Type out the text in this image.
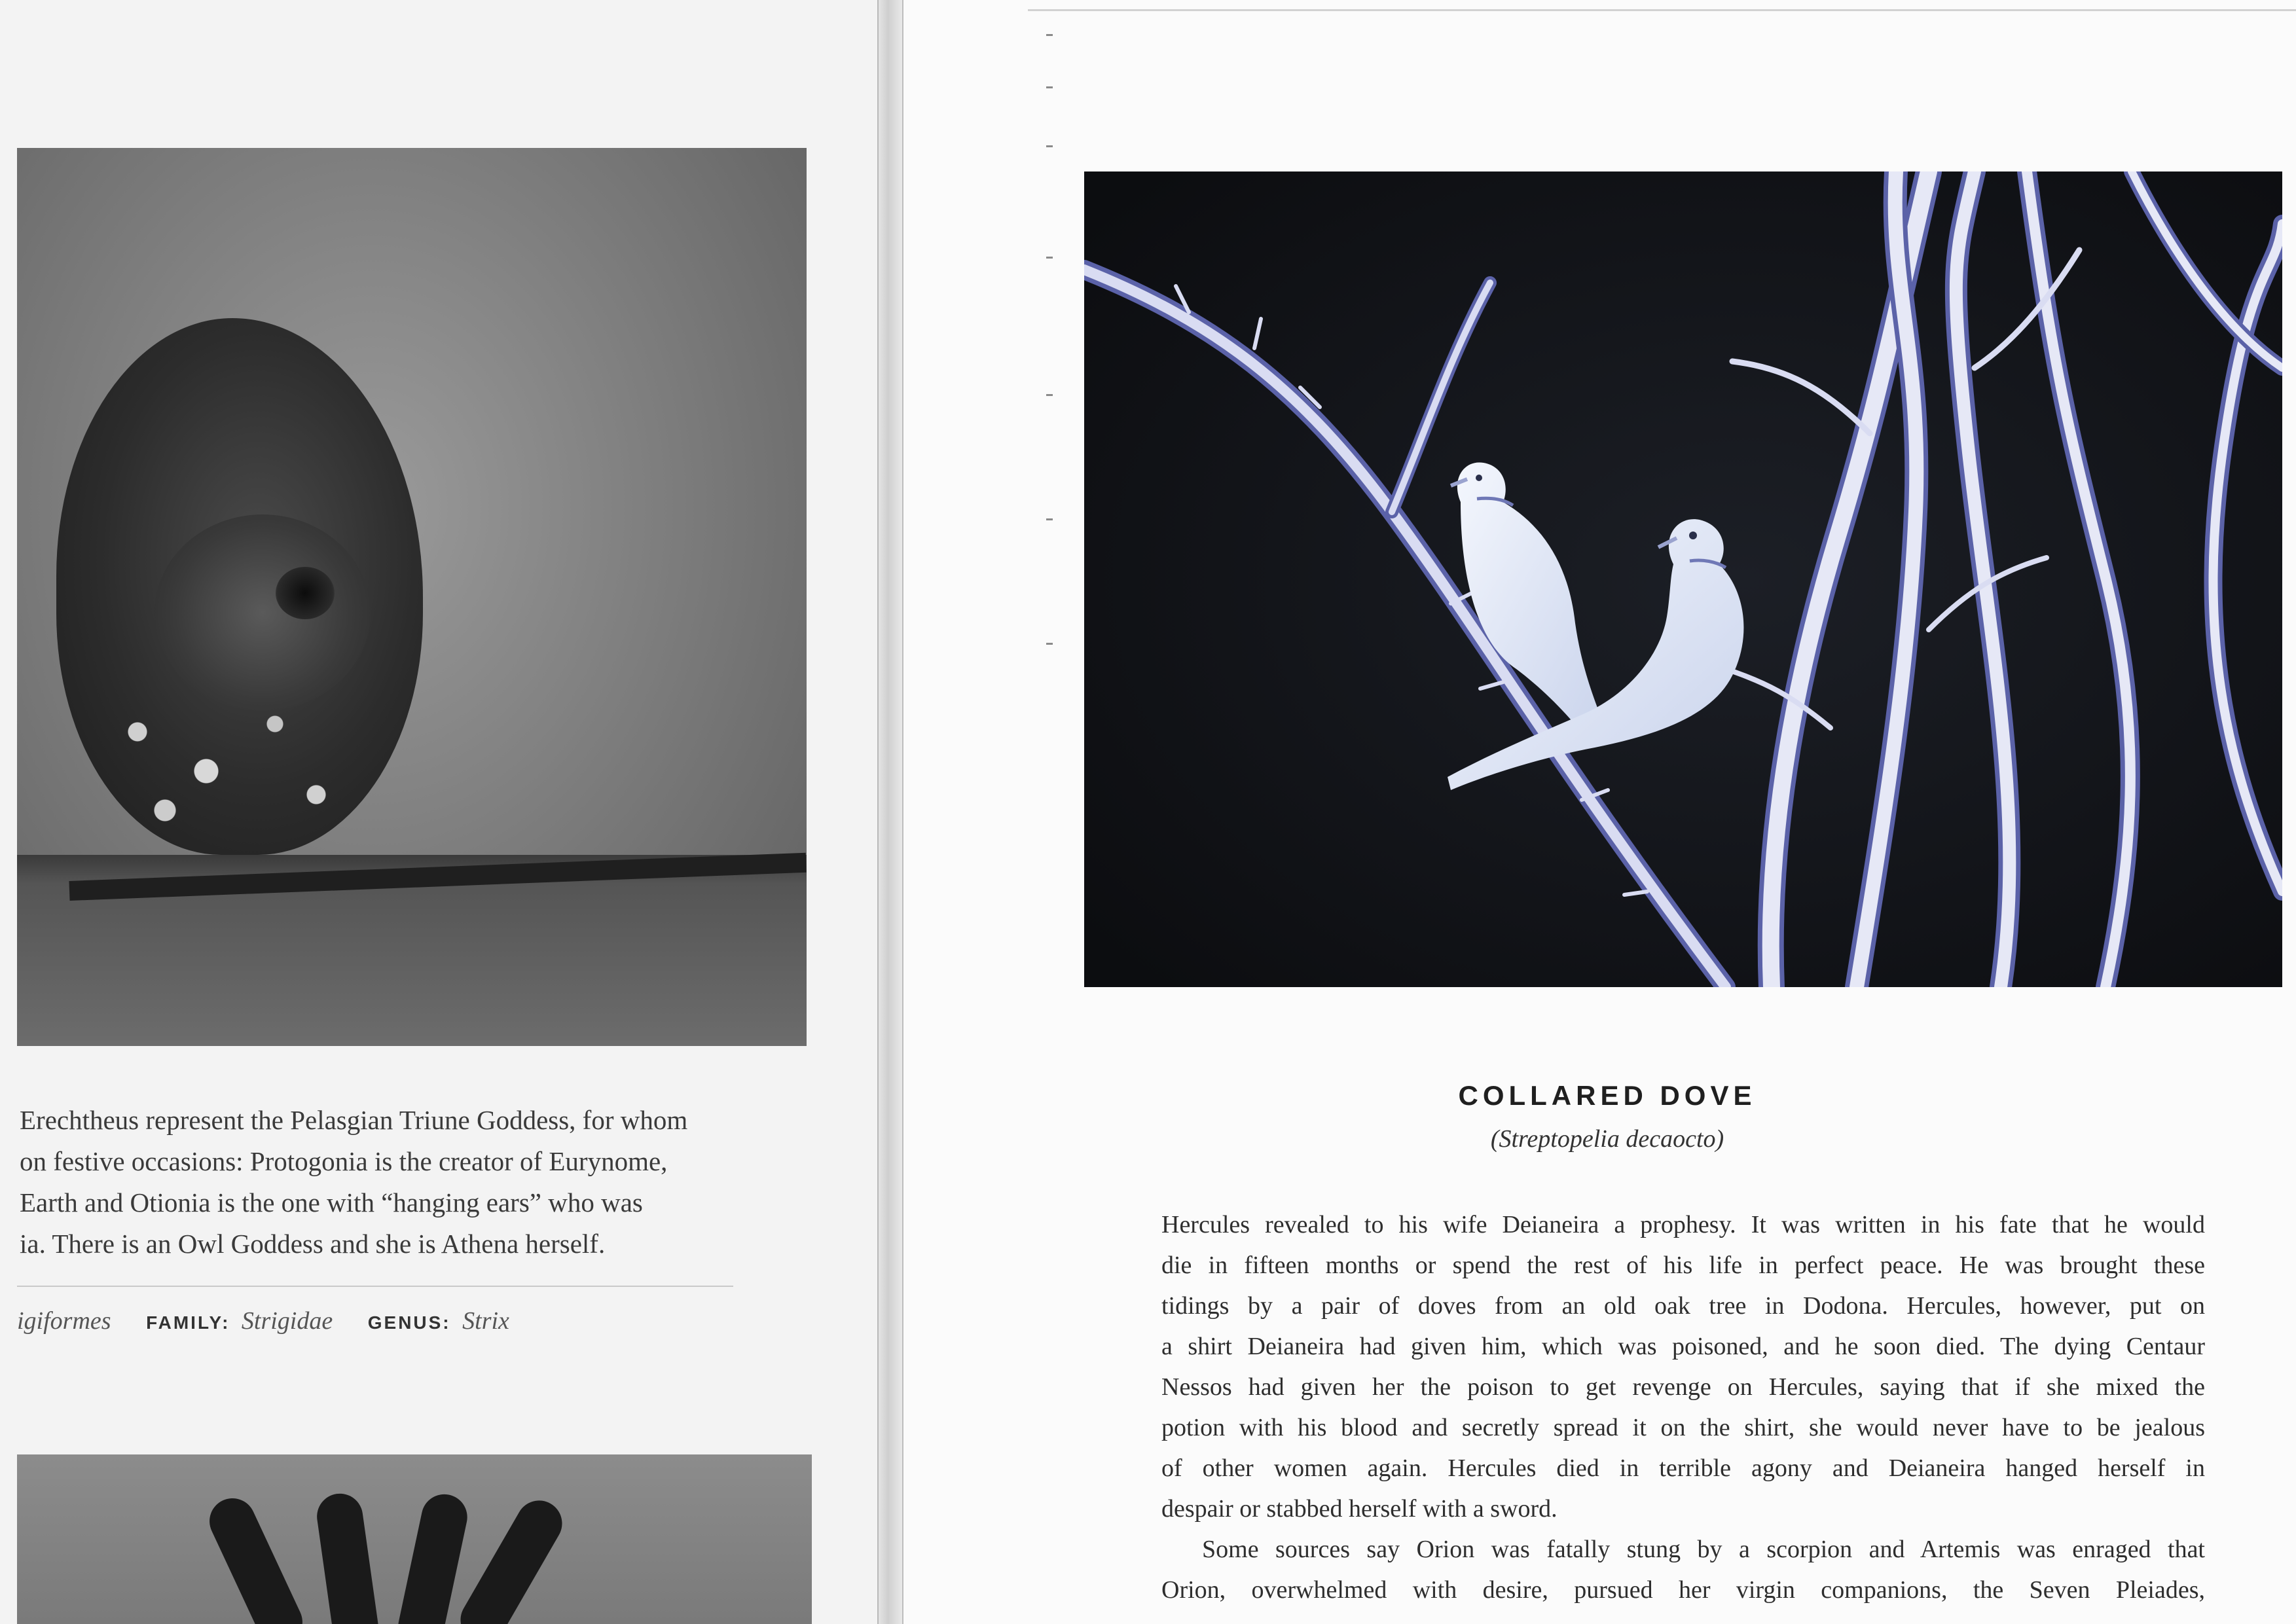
Erechtheus represent the Pelasgian Triune Goddess, for whom

on festive occasions: Protogonia is the creator of Eurynome,

Earth and Otionia is the one with “hanging ears” who was

ia. There is an Owl Goddess and she is Athena herself.

igiformes FAMILY: Strigidae GENUS: Strix
COLLARED DOVE
(Streptopelia decaocto)

Hercules revealed to his wife Deianeira a prophesy. It was written in his fate that he would

die in fifteen months or spend the rest of his life in perfect peace. He was brought these

tidings by a pair of doves from an old oak tree in Dodona. Hercules, however, put on

a shirt Deianeira had given him, which was poisoned, and he soon died. The dying Centaur

Nessos had given her the poison to get revenge on Hercules, saying that if she mixed the

potion with his blood and secretly spread it on the shirt, she would never have to be jealous

of other women again. Hercules died in terrible agony and Deianeira hanged herself in

despair or stabbed herself with a sword.

Some sources say Orion was fatally stung by a scorpion and Artemis was enraged that

Orion, overwhelmed with desire, pursued her virgin companions, the Seven Pleiades,
